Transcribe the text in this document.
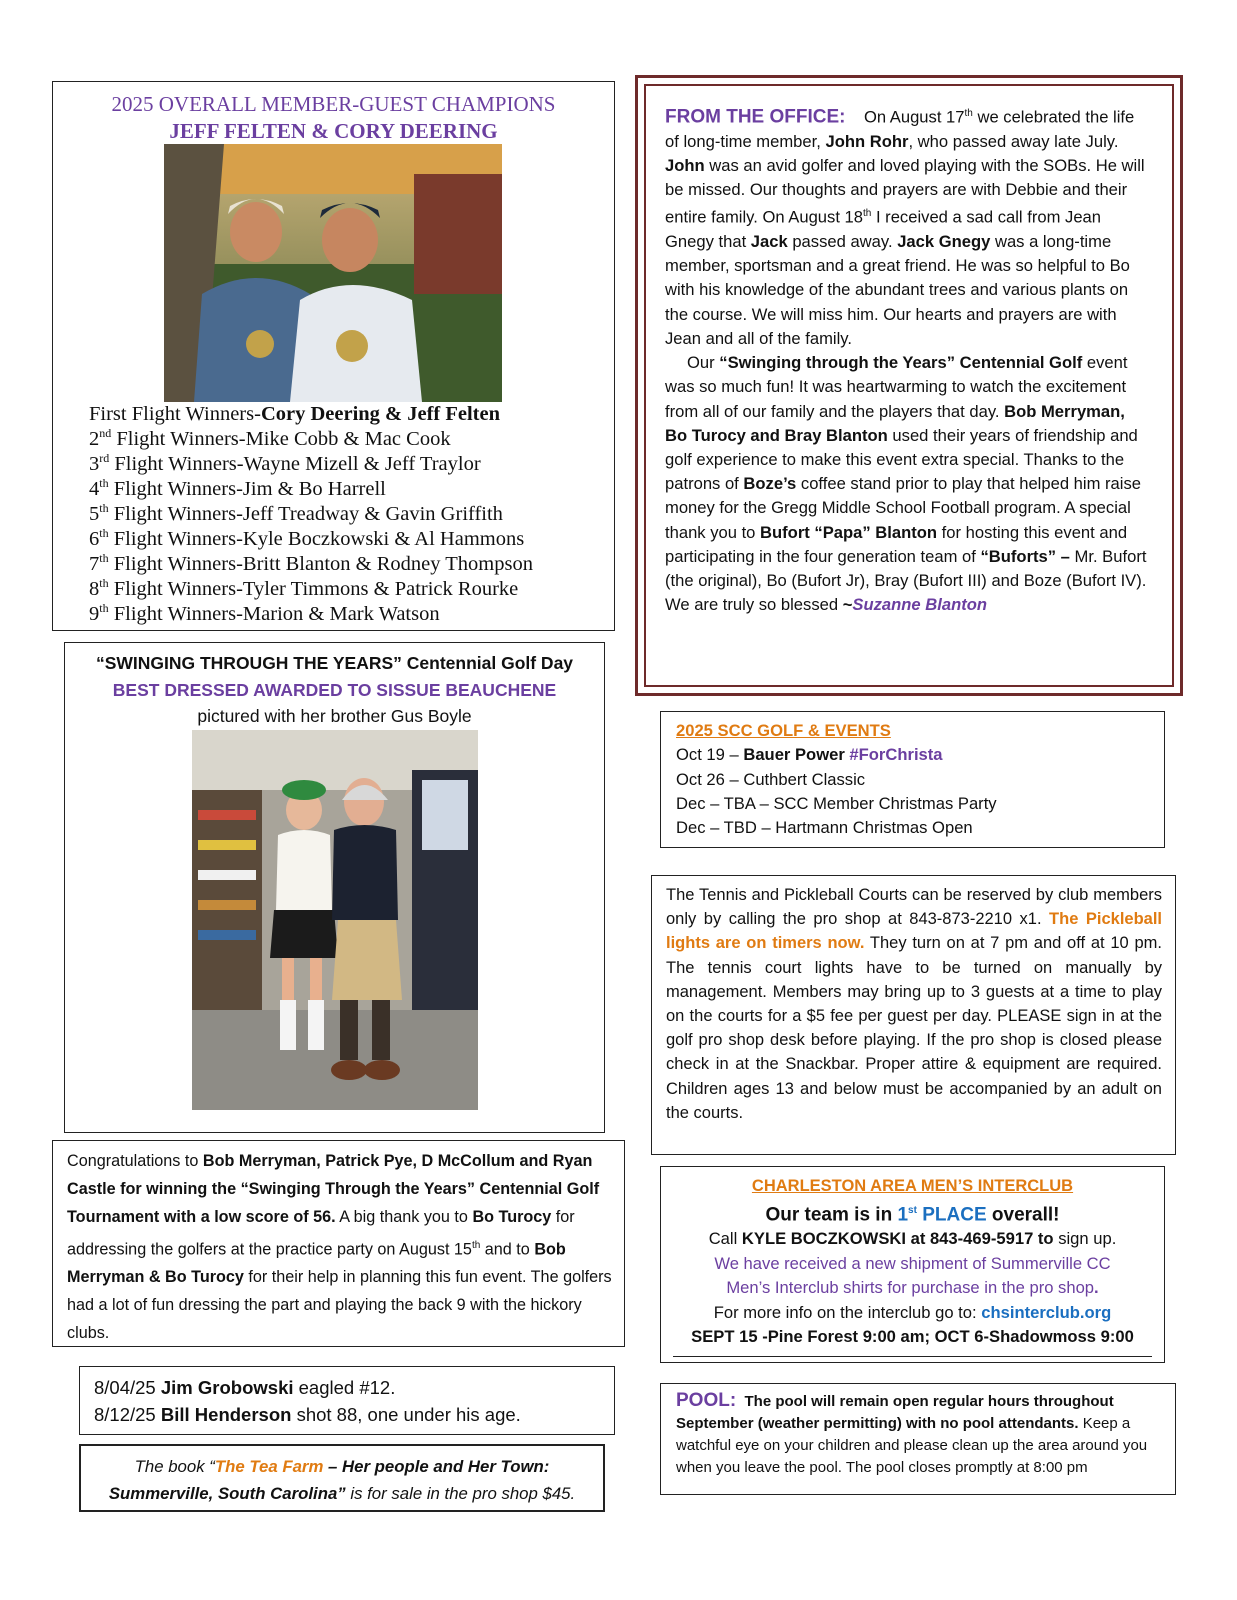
2025 OVERALL MEMBER-GUEST CHAMPIONS
JEFF FELTEN & CORY DEERING
First Flight Winners-Cory Deering & Jeff Felten
2nd Flight Winners-Mike Cobb & Mac Cook
3rd Flight Winners-Wayne Mizell & Jeff Traylor
4th Flight Winners-Jim & Bo Harrell
5th Flight Winners-Jeff Treadway & Gavin Griffith
6th Flight Winners-Kyle Boczkowski & Al Hammons
7th Flight Winners-Britt Blanton & Rodney Thompson
8th Flight Winners-Tyler Timmons & Patrick Rourke
9th Flight Winners-Marion & Mark Watson
FROM THE OFFICE: On August 17th we celebrated the life of long-time member, John Rohr, who passed away late July. John was an avid golfer and loved playing with the SOBs. He will be missed. Our thoughts and prayers are with Debbie and their entire family. On August 18th I received a sad call from Jean Gnegy that Jack passed away. Jack Gnegy was a long-time member, sportsman and a great friend. He was so helpful to Bo with his knowledge of the abundant trees and various plants on the course. We will miss him. Our hearts and prayers are with Jean and all of the family.
Our “Swinging through the Years” Centennial Golf event was so much fun! It was heartwarming to watch the excitement from all of our family and the players that day. Bob Merryman, Bo Turocy and Bray Blanton used their years of friendship and golf experience to make this event extra special. Thanks to the patrons of Boze’s coffee stand prior to play that helped him raise money for the Gregg Middle School Football program. A special thank you to Bufort “Papa” Blanton for hosting this event and participating in the four generation team of “Buforts” – Mr. Bufort (the original), Bo (Bufort Jr), Bray (Bufort III) and Boze (Bufort IV). We are truly so blessed ~Suzanne Blanton
“SWINGING THROUGH THE YEARS” Centennial Golf Day
BEST DRESSED AWARDED TO SISSUE BEAUCHENE
pictured with her brother Gus Boyle
2025 SCC GOLF & EVENTS
Oct 19 – Bauer Power #ForChrista
Oct 26 – Cuthbert Classic
Dec – TBA – SCC Member Christmas Party
Dec – TBD – Hartmann Christmas Open
The Tennis and Pickleball Courts can be reserved by club members only by calling the pro shop at 843-873-2210 x1. The Pickleball lights are on timers now. They turn on at 7 pm and off at 10 pm. The tennis court lights have to be turned on manually by management. Members may bring up to 3 guests at a time to play on the courts for a $5 fee per guest per day. PLEASE sign in at the golf pro shop desk before playing. If the pro shop is closed please check in at the Snackbar. Proper attire & equipment are required. Children ages 13 and below must be accompanied by an adult on the courts.
Congratulations to Bob Merryman, Patrick Pye, D McCollum and Ryan Castle for winning the “Swinging Through the Years” Centennial Golf Tournament with a low score of 56. A big thank you to Bo Turocy for addressing the golfers at the practice party on August 15th and to Bob Merryman & Bo Turocy for their help in planning this fun event. The golfers had a lot of fun dressing the part and playing the back 9 with the hickory clubs.
CHARLESTON AREA MEN’S INTERCLUB
Our team is in 1st PLACE overall!
Call KYLE BOCZKOWSKI at 843-469-5917 to sign up.
We have received a new shipment of Summerville CC
Men’s Interclub shirts for purchase in the pro shop.
For more info on the interclub go to: chsinterclub.org
SEPT 15 -Pine Forest 9:00 am; OCT 6-Shadowmoss 9:00
8/04/25 Jim Grobowski eagled #12.
8/12/25 Bill Henderson shot 88, one under his age.
The book “The Tea Farm – Her people and Her Town: Summerville, South Carolina” is for sale in the pro shop $45.
POOL: The pool will remain open regular hours throughout September (weather permitting) with no pool attendants. Keep a watchful eye on your children and please clean up the area around you when you leave the pool. The pool closes promptly at 8:00 pm
